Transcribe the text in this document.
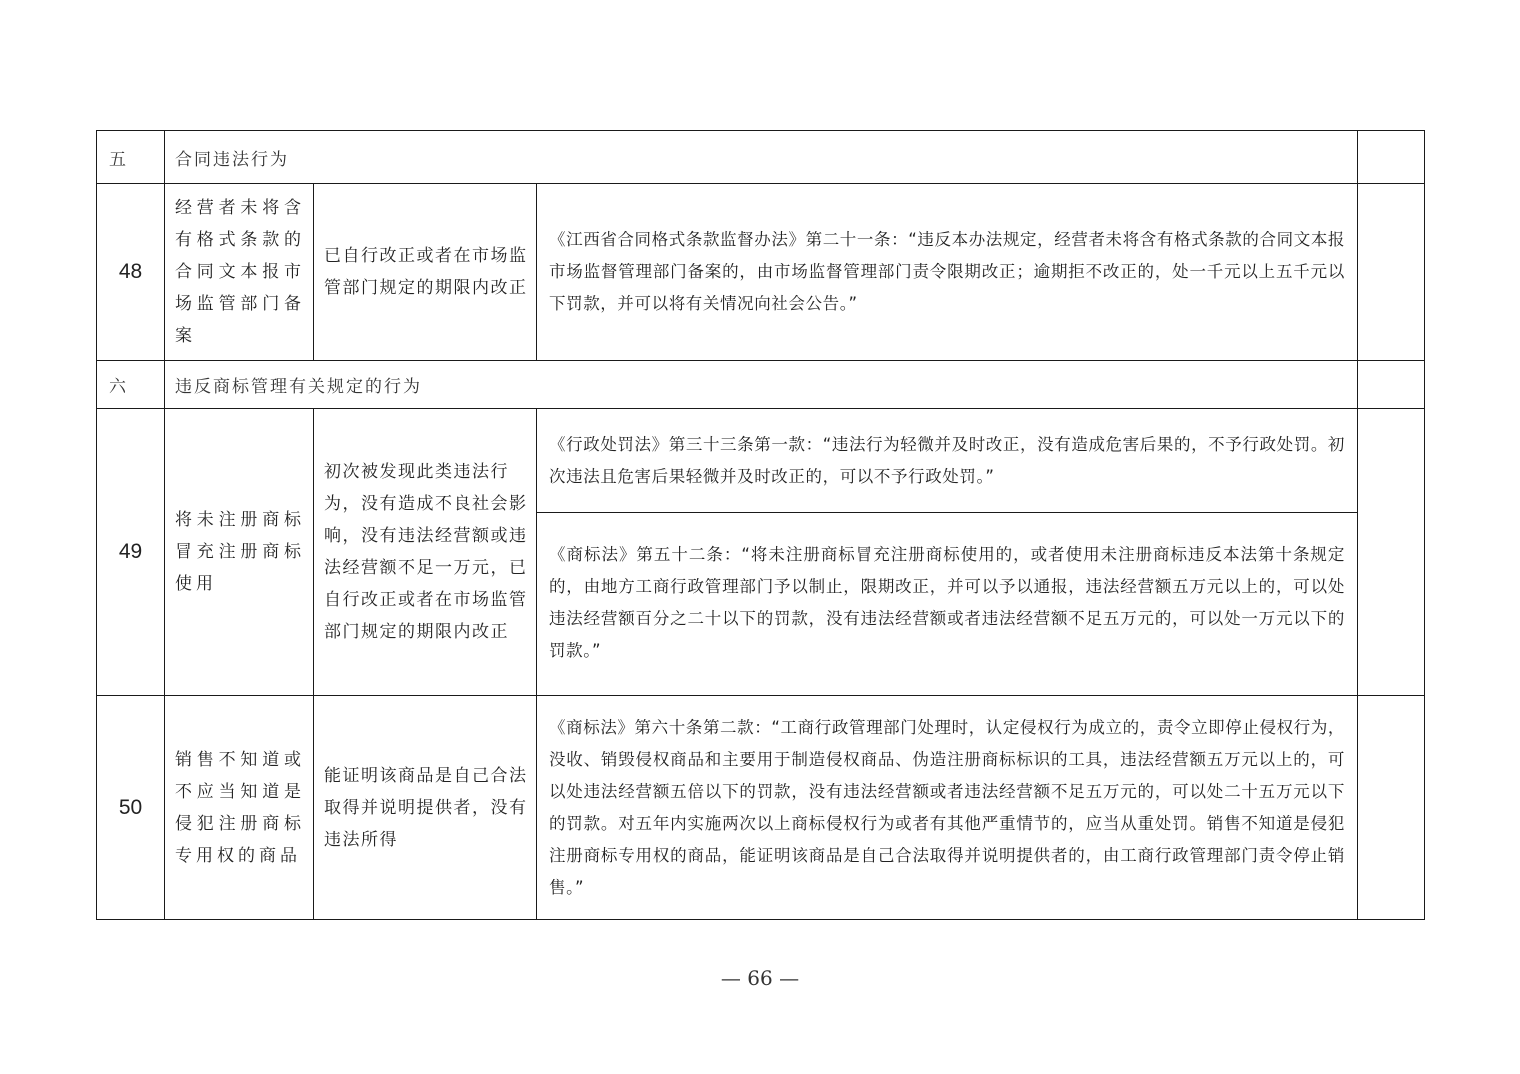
五	合同违法行为			
48	经营者未将含有格式条款的合同文本报市场监管部门备案	已自行改正或者在市场监管部门规定的期限内改正	《江西省合同格式条款监督办法》第二十一条：“违反本办法规定，经营者未将含有格式条款的合同文本报市场监督管理部门备案的，由市场监督管理部门责令限期改正；逾期拒不改正的，处一千元以上五千元以下罚款，并可以将有关情况向社会公告。”	
六	违反商标管理有关规定的行为			
49	将未注册商标冒充注册商标使用	初次被发现此类违法行为，没有造成不良社会影响，没有违法经营额或违法经营额不足一万元，已自行改正或者在市场监管部门规定的期限内改正	《行政处罚法》第三十三条第一款：“违法行为轻微并及时改正，没有造成危害后果的，不予行政处罚。初次违法且危害后果轻微并及时改正的，可以不予行政处罚。”
《商标法》第五十二条：“将未注册商标冒充注册商标使用的，或者使用未注册商标违反本法第十条规定的，由地方工商行政管理部门予以制止，限期改正，并可以予以通报，违法经营额五万元以上的，可以处违法经营额百分之二十以下的罚款，没有违法经营额或者违法经营额不足五万元的，可以处一万元以下的罚款。”	

50	销售不知道或不应当知道是侵犯注册商标专用权的商品	能证明该商品是自己合法取得并说明提供者，没有违法所得	《商标法》第六十条第二款：“工商行政管理部门处理时，认定侵权行为成立的，责令立即停止侵权行为，没收、销毁侵权商品和主要用于制造侵权商品、伪造注册商标标识的工具，违法经营额五万元以上的，可以处违法经营额五倍以下的罚款，没有违法经营额或者违法经营额不足五万元的，可以处二十五万元以下的罚款。对五年内实施两次以上商标侵权行为或者有其他严重情节的，应当从重处罚。销售不知道是侵犯注册商标专用权的商品，能证明该商品是自己合法取得并说明提供者的，由工商行政管理部门责令停止销售。”	
— 66 —
